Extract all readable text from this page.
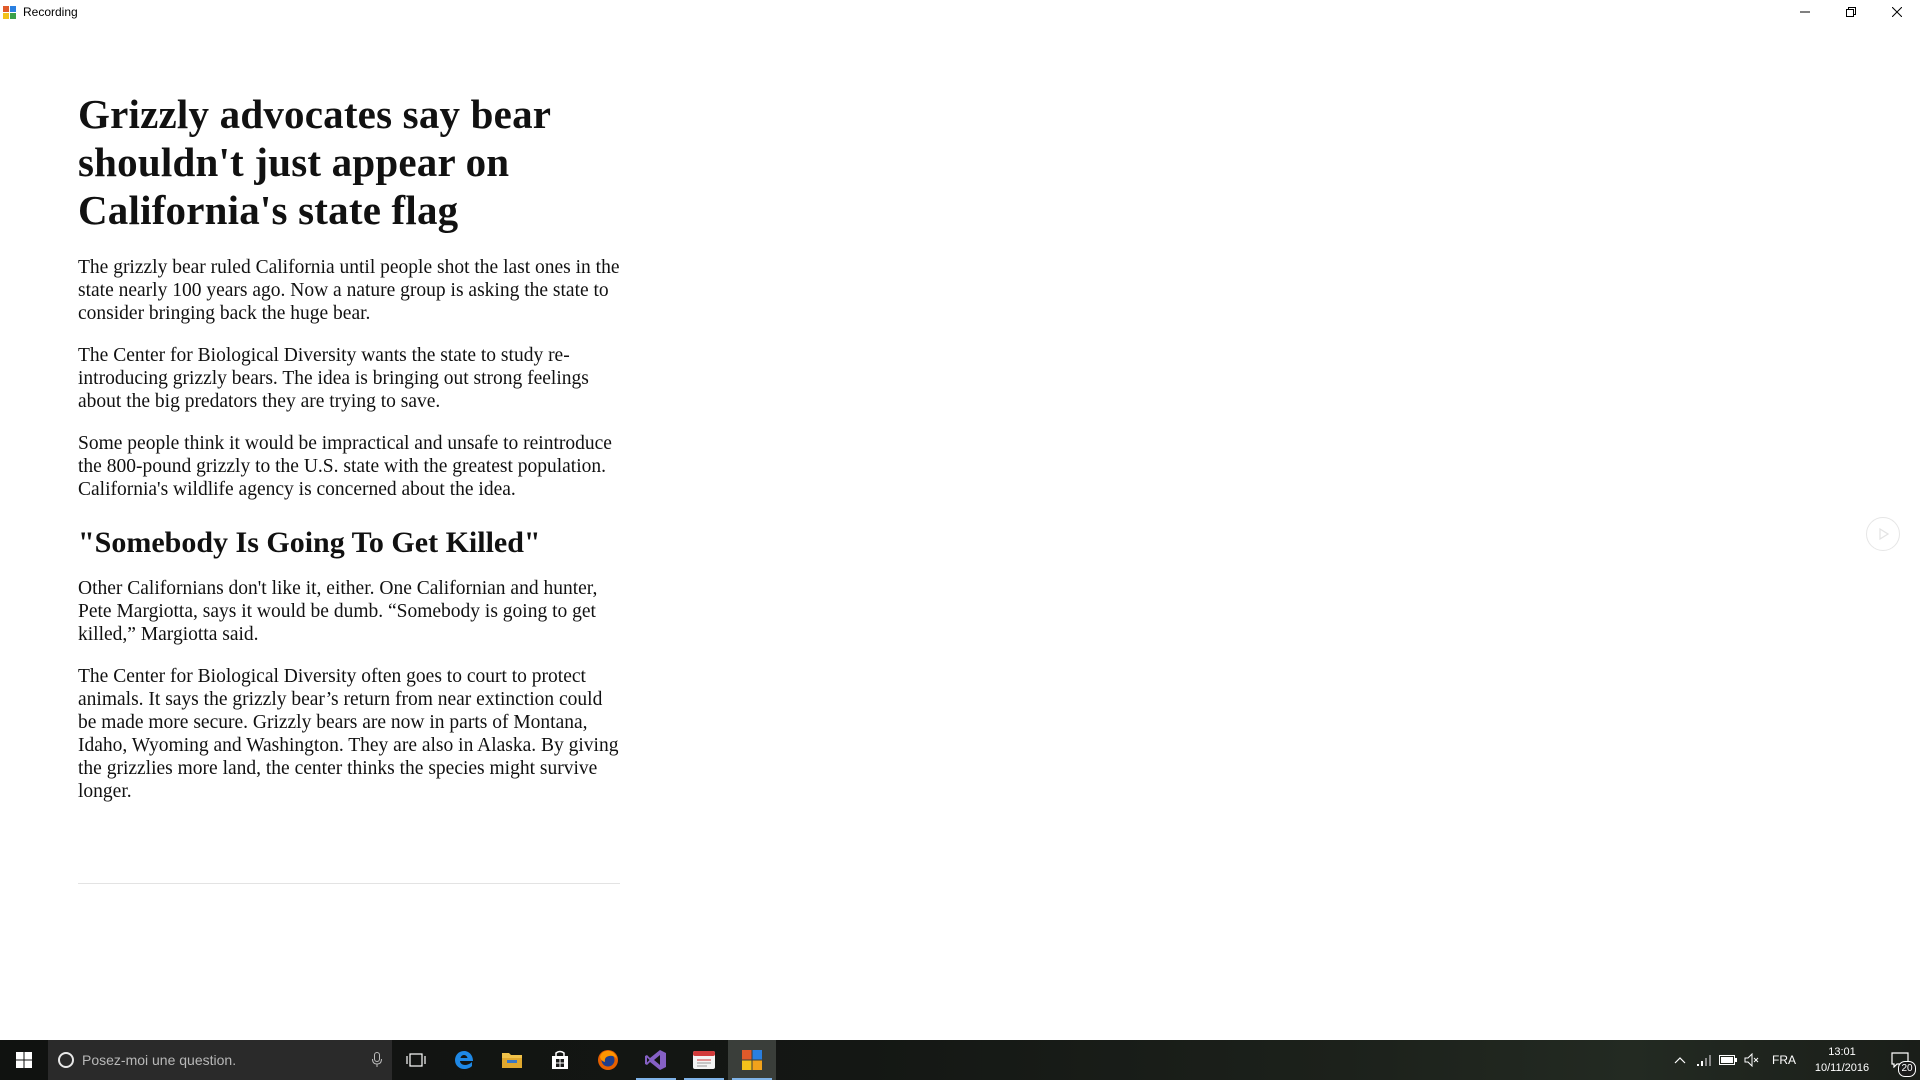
Recording
Grizzly advocates say bear shouldn't just appear on California's state flag

The grizzly bear ruled California until people shot the last ones in the state nearly 100 years ago. Now a nature group is asking the state to consider bringing back the huge bear.

The Center for Biological Diversity wants the state to study re-introducing grizzly bears. The idea is bringing out strong feelings about the big predators they are trying to save.

Some people think it would be impractical and unsafe to reintroduce the 800-pound grizzly to the U.S. state with the greatest population. California's wildlife agency is concerned about the idea.

"Somebody Is Going To Get Killed"

Other Californians don't like it, either. One Californian and hunter, Pete Margiotta, says it would be dumb. “Somebody is going to get killed,” Margiotta said.

The Center for Biological Diversity often goes to court to protect animals. It says the grizzly bear’s return from near extinction could be made more secure. Grizzly bears are now in parts of Montana, Idaho, Wyoming and Washington. They are also in Alaska. By giving the grizzlies more land, the center thinks the species might survive longer.

Posez-moi une question.	FRA
13:01
10/11/2016	20
